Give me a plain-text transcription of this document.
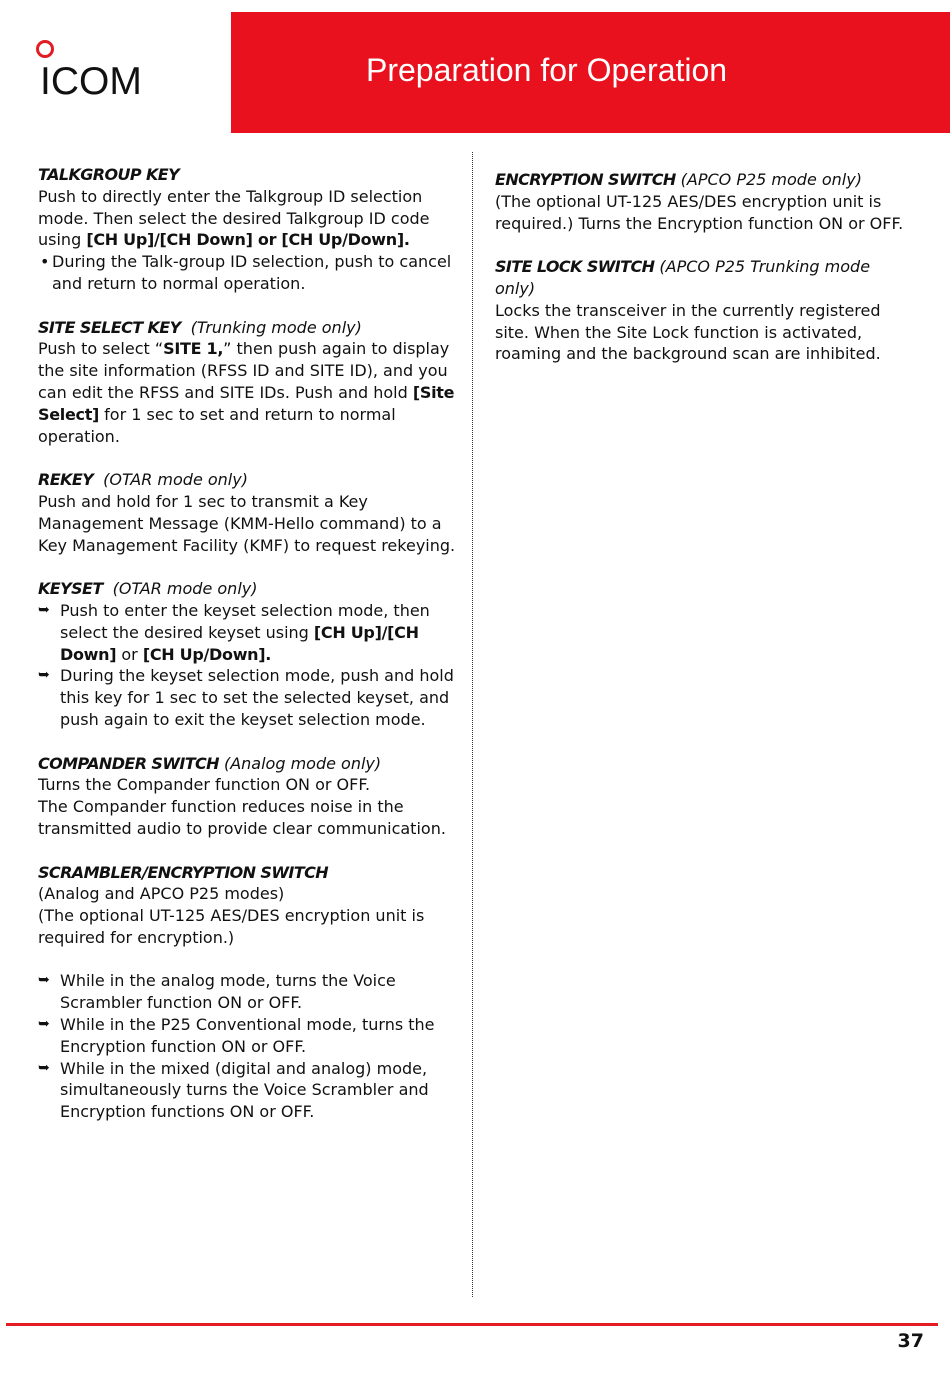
ICOM	Preparation for Operation

TALKGROUP KEY

Push to directly enter the Talkgroup ID selection mode. Then select the desired Talkgroup ID code using [CH Up]/[CH Down] or [CH Up/Down].

• During the Talk-group ID selection, push to cancel and return to normal operation.

SITE SELECT KEY (Trunking mode only)

Push to select “SITE 1,” then push again to display the site information (RFSS ID and SITE ID), and you can edit the RFSS and SITE IDs. Push and hold [Site Select] for 1 sec to set and return to normal operation.

REKEY (OTAR mode only)

Push and hold for 1 sec to transmit a Key Management Message (KMM-Hello command) to a Key Management Facility (KMF) to request rekeying.

KEYSET (OTAR mode only)

➥ Push to enter the keyset selection mode, then select the desired keyset using [CH Up]/[CH Down] or [CH Up/Down].

➥ During the keyset selection mode, push and hold this key for 1 sec to set the selected keyset, and push again to exit the keyset selection mode.

COMPANDER SWITCH (Analog mode only)

Turns the Compander function ON or OFF.

The Compander function reduces noise in the transmitted audio to provide clear communication.

SCRAMBLER/ENCRYPTION SWITCH

(Analog and APCO P25 modes)

(The optional UT-125 AES/DES encryption unit is required for encryption.)

➥ While in the analog mode, turns the Voice Scrambler function ON or OFF.

➥ While in the P25 Conventional mode, turns the Encryption function ON or OFF.

➥ While in the mixed (digital and analog) mode, simultaneously turns the Voice Scrambler and Encryption functions ON or OFF.

ENCRYPTION SWITCH (APCO P25 mode only)

(The optional UT-125 AES/DES encryption unit is required.) Turns the Encryption function ON or OFF.

SITE LOCK SWITCH (APCO P25 Trunking mode only)

Locks the transceiver in the currently registered site. When the Site Lock function is activated, roaming and the background scan are inhibited.

37
